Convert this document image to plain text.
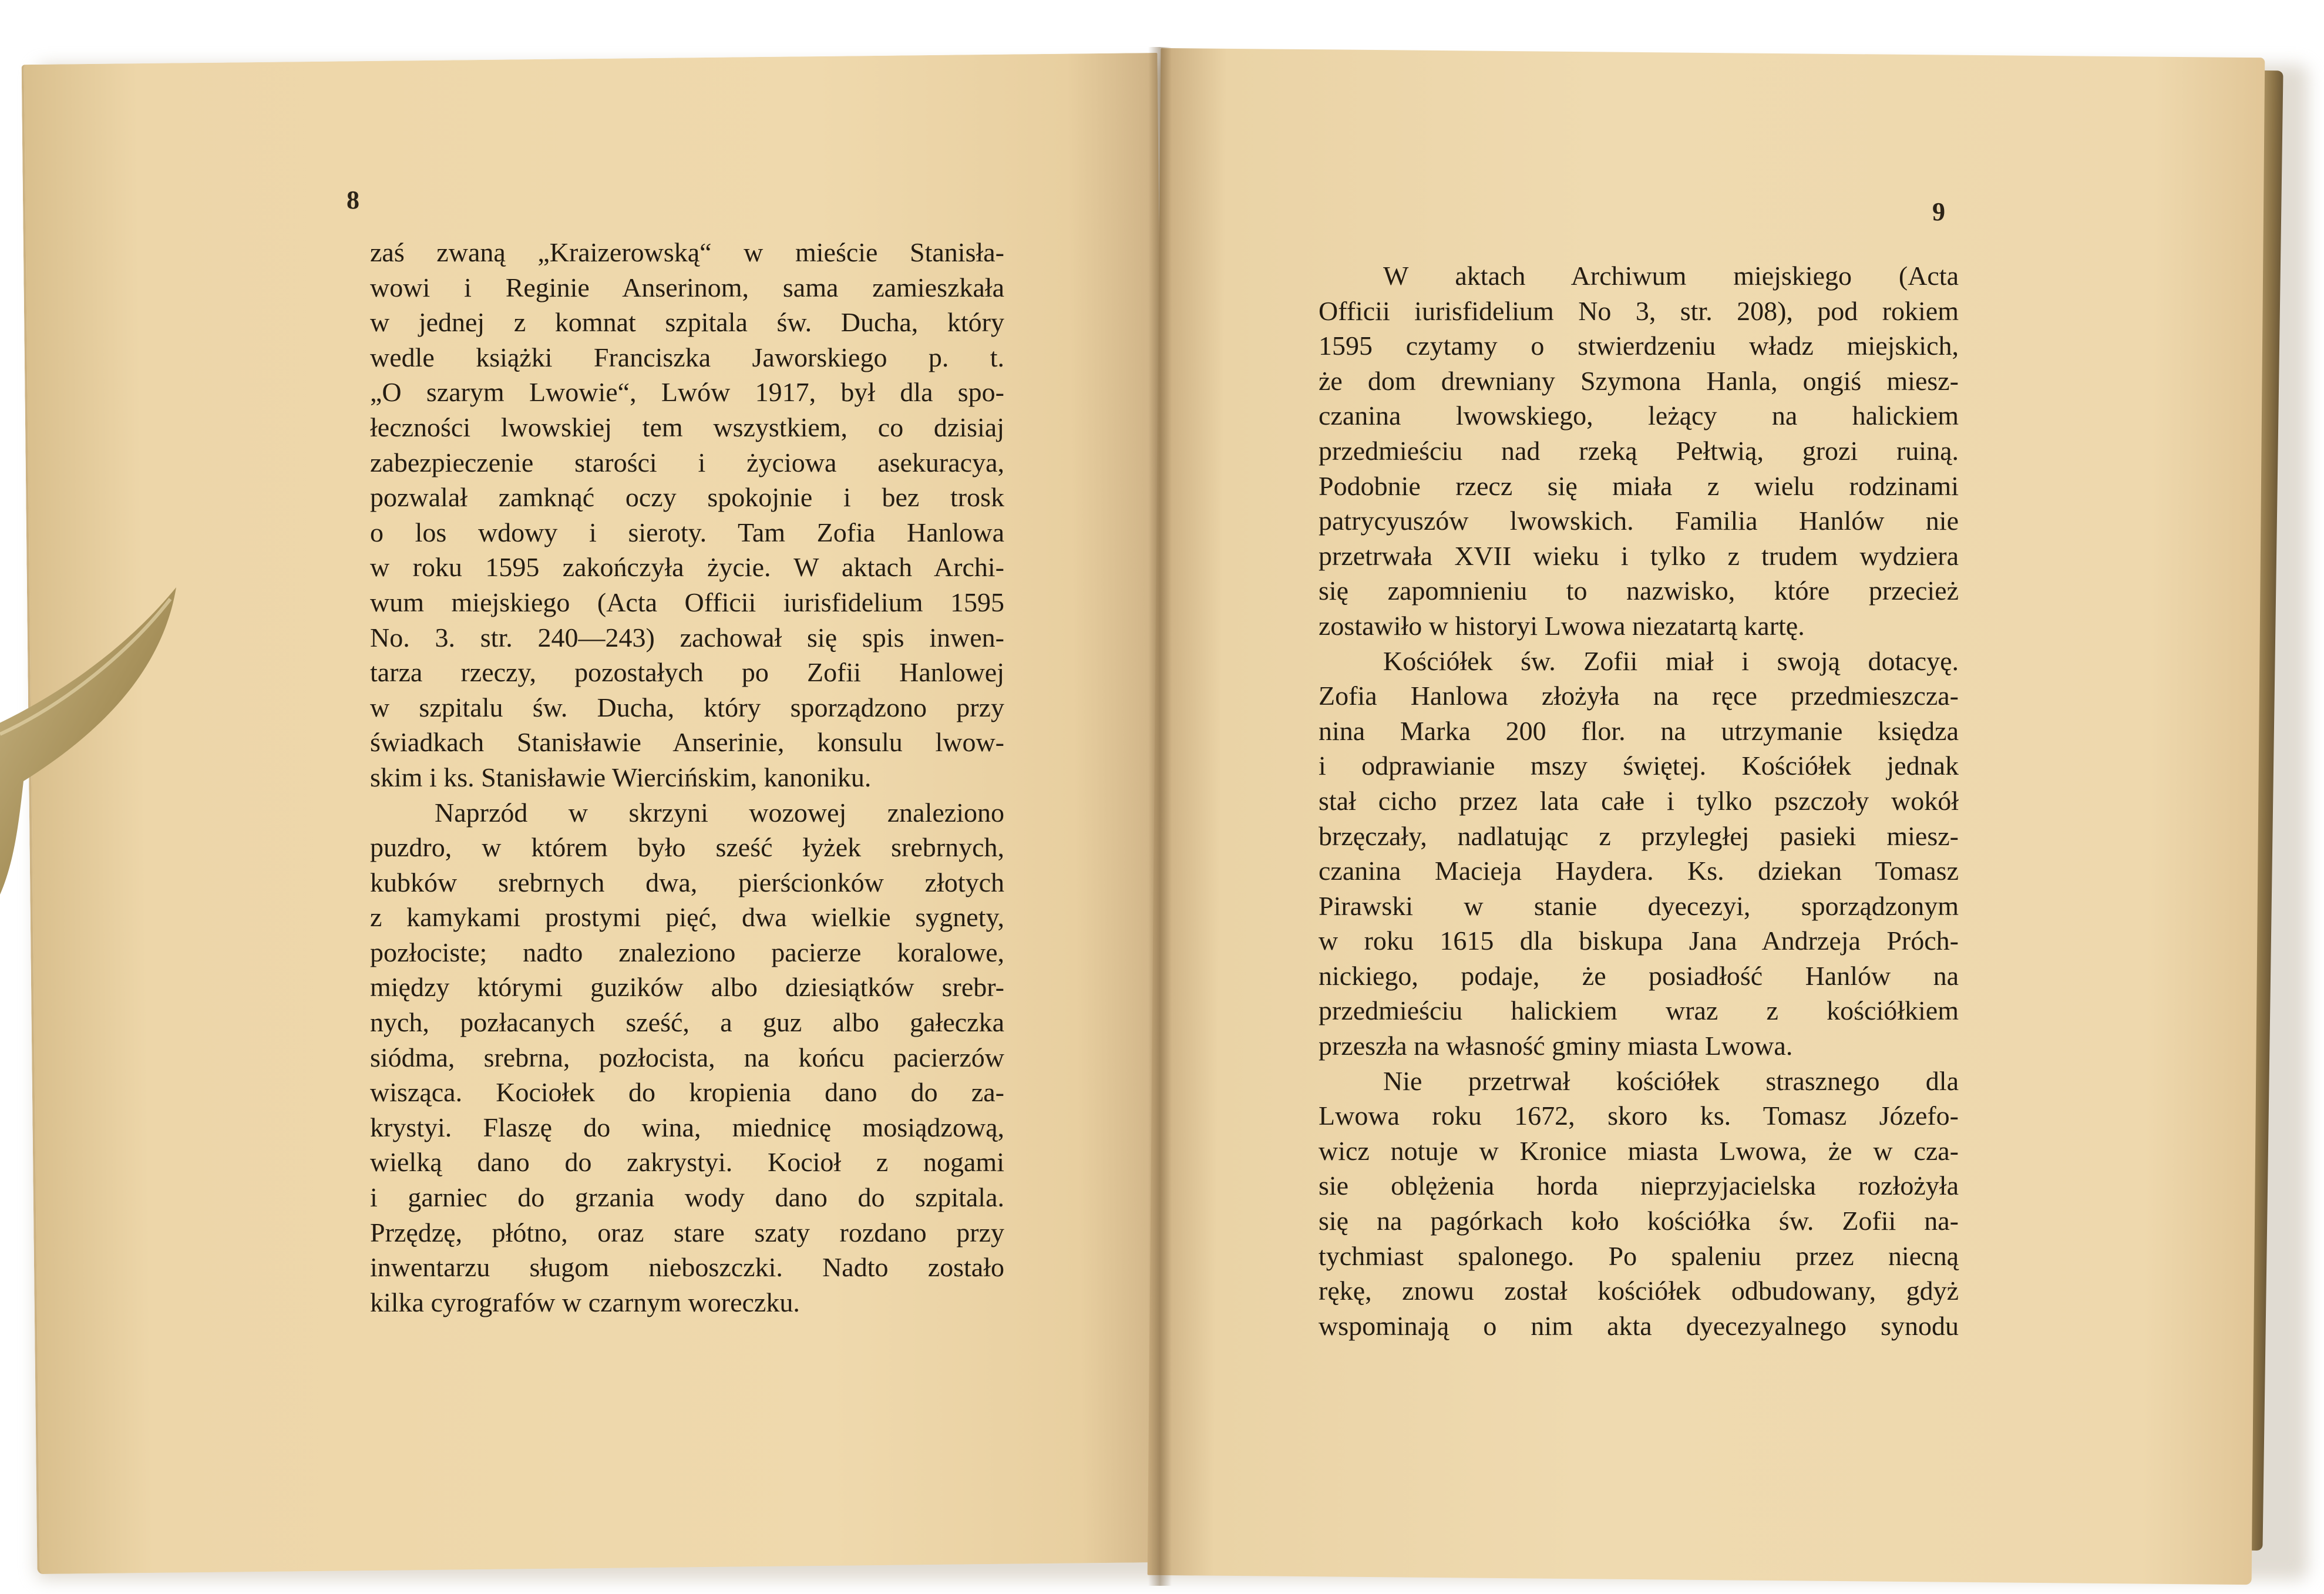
8	9
zaś zwaną „Kraizerowską“ w mieście Stanisła-
wowi i Reginie Anserinom, sama zamieszkała
w jednej z komnat szpitala św. Ducha, który
wedle książki Franciszka Jaworskiego p. t.
„O szarym Lwowie“, Lwów 1917, był dla spo-
łeczności lwowskiej tem wszystkiem, co dzisiaj
zabezpieczenie starości i życiowa asekuracya,
pozwalał zamknąć oczy spokojnie i bez trosk
o los wdowy i sieroty. Tam Zofia Hanlowa
w roku 1595 zakończyła życie. W aktach Archi-
wum miejskiego (Acta Officii iurisfidelium 1595
No. 3. str. 240—243) zachował się spis inwen-
tarza rzeczy, pozostałych po Zofii Hanlowej
w szpitalu św. Ducha, który sporządzono przy
świadkach Stanisławie Anserinie, konsulu lwow-
skim i ks. Stanisławie Wiercińskim, kanoniku.
Naprzód w skrzyni wozowej znaleziono
puzdro, w którem było sześć łyżek srebrnych,
kubków srebrnych dwa, pierścionków złotych
z kamykami prostymi pięć, dwa wielkie sygnety,
pozłociste; nadto znaleziono pacierze koralowe,
między którymi guzików albo dziesiątków srebr-
nych, pozłacanych sześć, a guz albo gałeczka
siódma, srebrna, pozłocista, na końcu pacierzów
wisząca. Kociołek do kropienia dano do za-
krystyi. Flaszę do wina, miednicę mosiądzową,
wielką dano do zakrystyi. Kocioł z nogami
i garniec do grzania wody dano do szpitala.
Przędzę, płótno, oraz stare szaty rozdano przy
inwentarzu sługom nieboszczki. Nadto zostało
kilka cyrografów w czarnym woreczku.
W aktach Archiwum miejskiego (Acta
Officii iurisfidelium No 3, str. 208), pod rokiem
1595 czytamy o stwierdzeniu władz miejskich,
że dom drewniany Szymona Hanla, ongiś miesz-
czanina lwowskiego, leżący na halickiem
przedmieściu nad rzeką Pełtwią, grozi ruiną.
Podobnie rzecz się miała z wielu rodzinami
patrycyuszów lwowskich. Familia Hanlów nie
przetrwała XVII wieku i tylko z trudem wydziera
się zapomnieniu to nazwisko, które przecież
zostawiło w historyi Lwowa niezatartą kartę.
Kościółek św. Zofii miał i swoją dotacyę.
Zofia Hanlowa złożyła na ręce przedmieszcza-
nina Marka 200 flor. na utrzymanie księdza
i odprawianie mszy świętej. Kościółek jednak
stał cicho przez lata całe i tylko pszczoły wokół
brzęczały, nadlatując z przyległej pasieki miesz-
czanina Macieja Haydera. Ks. dziekan Tomasz
Pirawski w stanie dyecezyi, sporządzonym
w roku 1615 dla biskupa Jana Andrzeja Próch-
nickiego, podaje, że posiadłość Hanlów na
przedmieściu halickiem wraz z kościółkiem
przeszła na własność gminy miasta Lwowa.
Nie przetrwał kościółek strasznego dla
Lwowa roku 1672, skoro ks. Tomasz Józefo-
wicz notuje w Kronice miasta Lwowa, że w cza-
sie oblężenia horda nieprzyjacielska rozłożyła
się na pagórkach koło kościółka św. Zofii na-
tychmiast spalonego. Po spaleniu przez niecną
rękę, znowu został kościółek odbudowany, gdyż
wspominają o nim akta dyecezyalnego synodu
